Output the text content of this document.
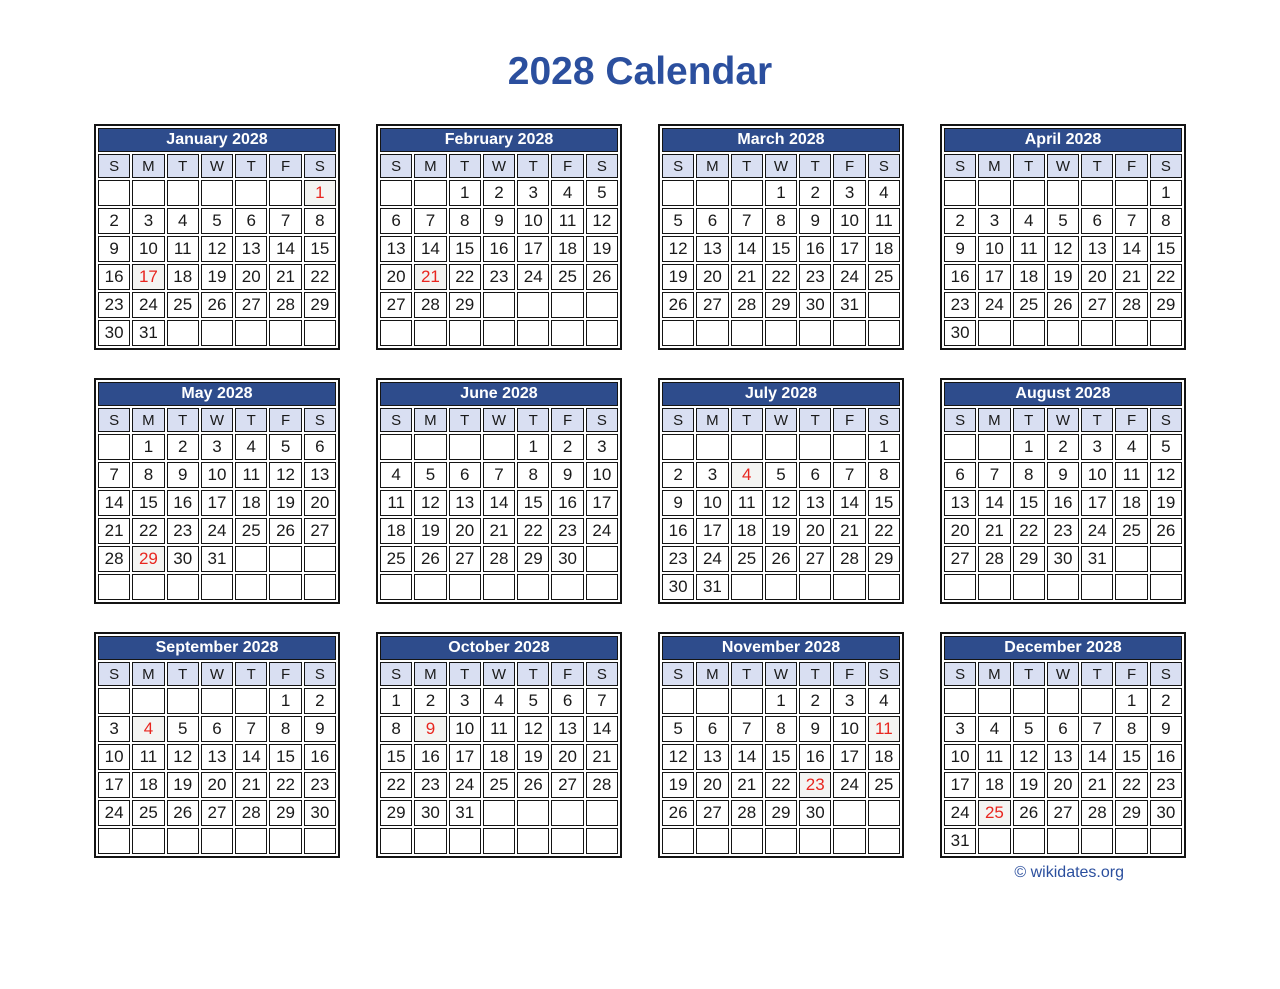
2028 Calendar
January 2028						
S	M	T	W	T	F	S
						1
2	3	4	5	6	7	8
9	10	11	12	13	14	15
16	17	18	19	20	21	22
23	24	25	26	27	28	29
30	31					
February 2028						
S	M	T	W	T	F	S
		1	2	3	4	5
6	7	8	9	10	11	12
13	14	15	16	17	18	19
20	21	22	23	24	25	26
27	28	29				

March 2028						
S	M	T	W	T	F	S
			1	2	3	4
5	6	7	8	9	10	11
12	13	14	15	16	17	18
19	20	21	22	23	24	25
26	27	28	29	30	31	

April 2028						
S	M	T	W	T	F	S
						1
2	3	4	5	6	7	8
9	10	11	12	13	14	15
16	17	18	19	20	21	22
23	24	25	26	27	28	29
30						
May 2028						
S	M	T	W	T	F	S
	1	2	3	4	5	6
7	8	9	10	11	12	13
14	15	16	17	18	19	20
21	22	23	24	25	26	27
28	29	30	31			

June 2028						
S	M	T	W	T	F	S
				1	2	3
4	5	6	7	8	9	10
11	12	13	14	15	16	17
18	19	20	21	22	23	24
25	26	27	28	29	30	

July 2028						
S	M	T	W	T	F	S
						1
2	3	4	5	6	7	8
9	10	11	12	13	14	15
16	17	18	19	20	21	22
23	24	25	26	27	28	29
30	31					
August 2028						
S	M	T	W	T	F	S
		1	2	3	4	5
6	7	8	9	10	11	12
13	14	15	16	17	18	19
20	21	22	23	24	25	26
27	28	29	30	31		

September 2028						
S	M	T	W	T	F	S
					1	2
3	4	5	6	7	8	9
10	11	12	13	14	15	16
17	18	19	20	21	22	23
24	25	26	27	28	29	30

October 2028						
S	M	T	W	T	F	S
1	2	3	4	5	6	7
8	9	10	11	12	13	14
15	16	17	18	19	20	21
22	23	24	25	26	27	28
29	30	31				

November 2028						
S	M	T	W	T	F	S
			1	2	3	4
5	6	7	8	9	10	11
12	13	14	15	16	17	18
19	20	21	22	23	24	25
26	27	28	29	30		

December 2028						
S	M	T	W	T	F	S
					1	2
3	4	5	6	7	8	9
10	11	12	13	14	15	16
17	18	19	20	21	22	23
24	25	26	27	28	29	30
31						
© wikidates.org
